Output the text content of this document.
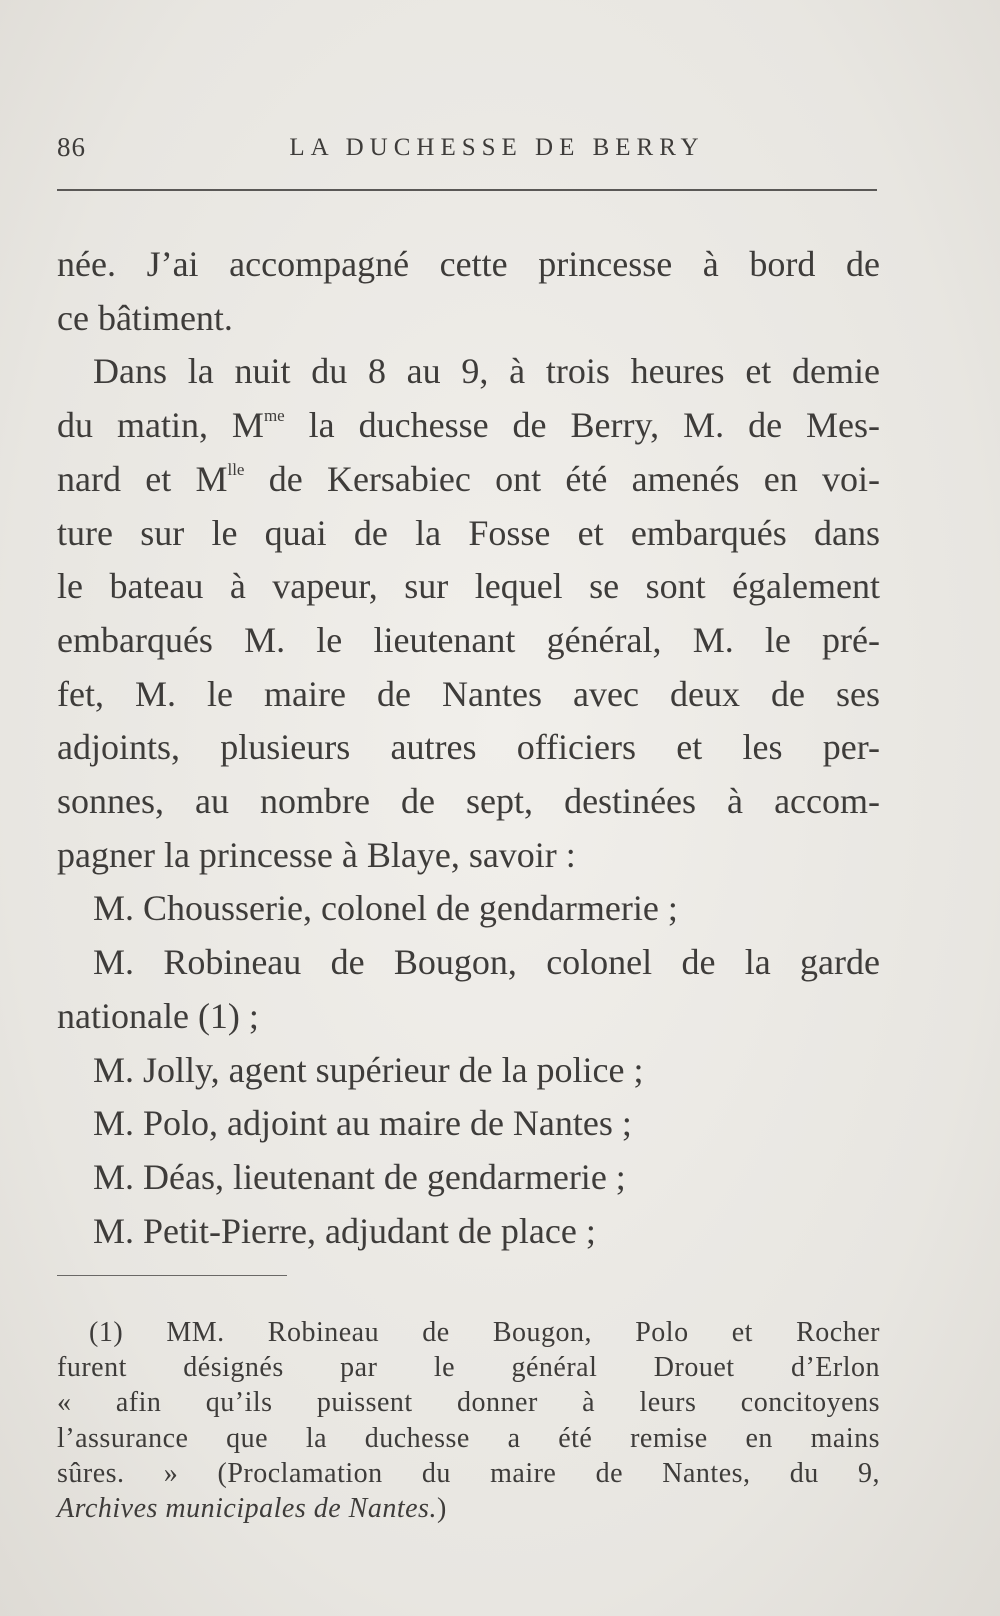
86	LA DUCHESSE DE BERRY
née. J’ai accompagné cette princesse à bord de
ce bâtiment.
Dans la nuit du 8 au 9, à trois heures et demie
du matin, $M^{me}$ la duchesse de Berry, M. de Mes-
nard et $M^{lle}$ de Kersabiec ont été amenés en voi-
ture sur le quai de la Fosse et embarqués dans
le bateau à vapeur, sur lequel se sont également
embarqués M. le lieutenant général, M. le pré-
fet, M. le maire de Nantes avec deux de ses
adjoints, plusieurs autres officiers et les per-
sonnes, au nombre de sept, destinées à accom-
pagner la princesse à Blaye, savoir :
M. Chousserie, colonel de gendarmerie ;
M. Robineau de Bougon, colonel de la garde
nationale (1) ;
M. Jolly, agent supérieur de la police ;
M. Polo, adjoint au maire de Nantes ;
M. Déas, lieutenant de gendarmerie ;
M. Petit-Pierre, adjudant de place ;
(1) MM. Robineau de Bougon, Polo et Rocher
furent désignés par le général Drouet d’Erlon
« afin qu’ils puissent donner à leurs concitoyens
l’assurance que la duchesse a été remise en mains
sûres. » (Proclamation du maire de Nantes, du 9,
Archives municipales de Nantes.)
